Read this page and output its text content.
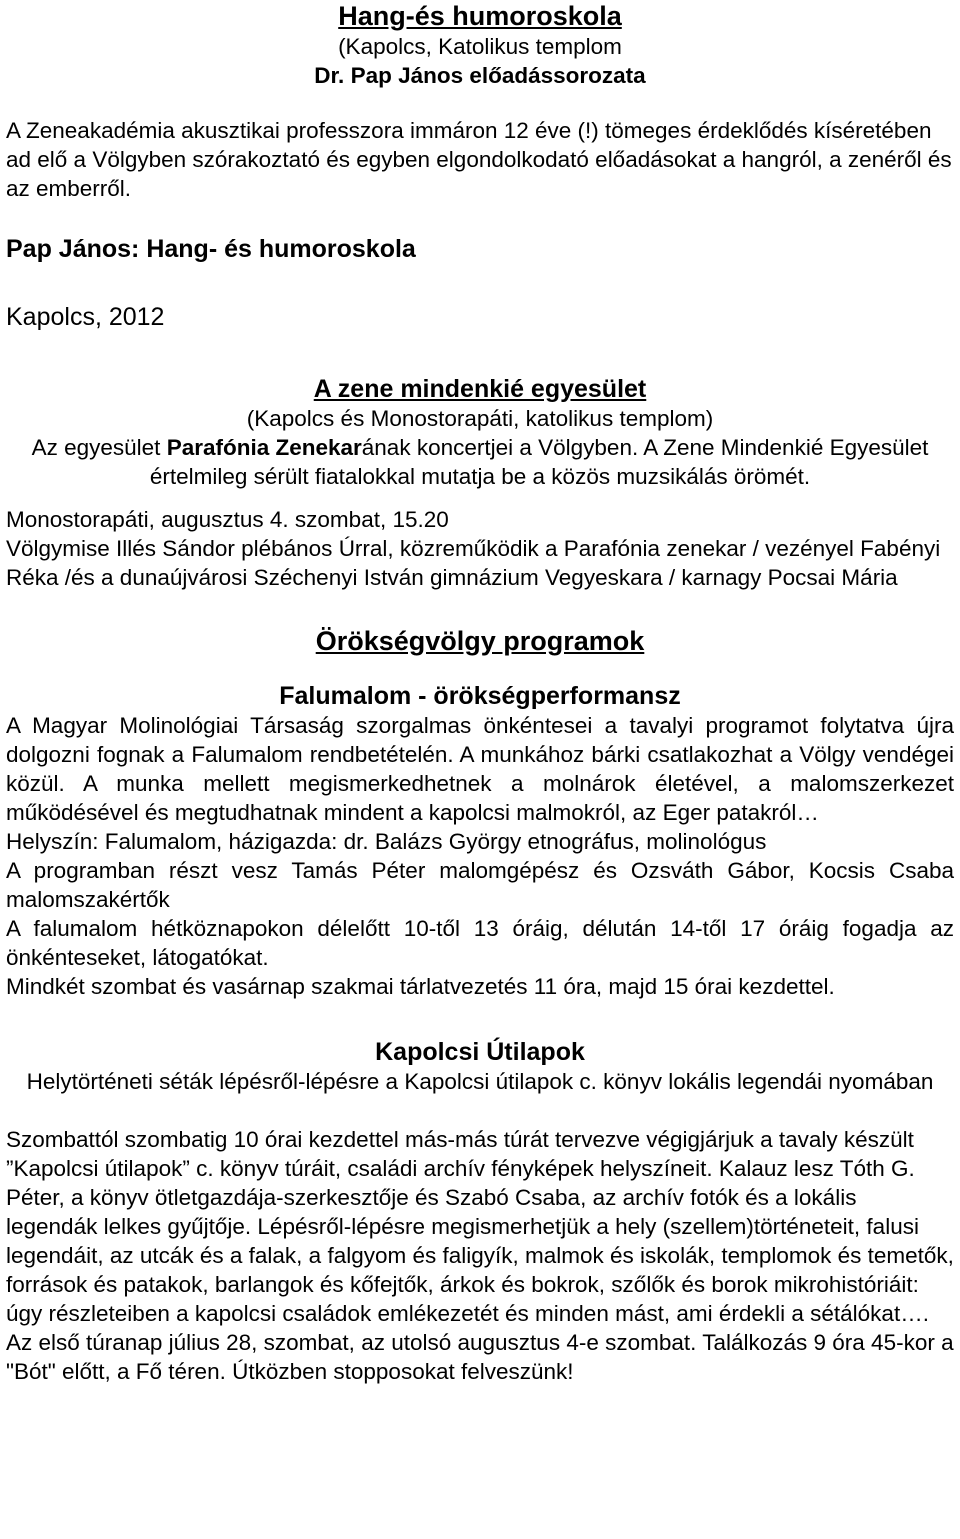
Hang-és humoroskola
(Kapolcs, Katolikus templom
Dr. Pap János előadássorozata

A Zeneakadémia akusztikai professzora immáron 12 éve (!) tömeges érdeklődés kíséretében ad elő a Völgyben szórakoztató és egyben elgondolkodató előadásokat a hangról, a zenéről és az emberről.

Pap János: Hang- és humoroskola
Kapolcs, 2012
A zene mindenkié egyesület
(Kapolcs és Monostorapáti, katolikus templom)

Az egyesület Parafónia Zenekarának koncertjei a Völgyben. A Zene Mindenkié Egyesület értelmileg sérült fiatalokkal mutatja be a közös muzsikálás örömét.

Monostorapáti, augusztus 4. szombat, 15.20

Völgymise Illés Sándor plébános Úrral, közreműködik a Parafónia zenekar / vezényel Fabényi Réka /és a dunaújvárosi Széchenyi István gimnázium Vegyeskara / karnagy Pocsai Mária

Örökségvölgy programok
Falumalom - örökségperformansz

A Magyar Molinológiai Társaság szorgalmas önkéntesei a tavalyi programot folytatva újra dolgozni fognak a Falumalom rendbetételén. A munkához bárki csatlakozhat a Völgy vendégei közül. A munka mellett megismerkedhetnek a molnárok életével, a malomszerkezet működésével és megtudhatnak mindent a kapolcsi malmokról, az Eger patakról…

Helyszín: Falumalom, házigazda: dr. Balázs György etnográfus, molinológus

A programban részt vesz Tamás Péter malomgépész és Ozsváth Gábor, Kocsis Csaba malomszakértők

A falumalom hétköznapokon délelőtt 10-től 13 óráig, délután 14-től 17 óráig fogadja az önkénteseket, látogatókat.

Mindkét szombat és vasárnap szakmai tárlatvezetés 11 óra, majd 15 órai kezdettel.

Kapolcsi Útilapok
Helytörténeti séták lépésről-lépésre a Kapolcsi útilapok c. könyv lokális legendái nyomában

Szombattól szombatig 10 órai kezdettel más-más túrát tervezve végigjárjuk a tavaly készült ”Kapolcsi útilapok” c. könyv túráit, családi archív fényképek helyszíneit. Kalauz lesz Tóth G. Péter, a könyv ötletgazdája-szerkesztője és Szabó Csaba, az archív fotók és a lokális legendák lelkes gyűjtője. Lépésről-lépésre megismerhetjük a hely (szellem)történeteit, falusi legendáit, az utcák és a falak, a falgyom és faligyík, malmok és iskolák, templomok és temetők, források és patakok, barlangok és kőfejtők, árkok és bokrok, szőlők és borok mikrohistóriáit: úgy részleteiben a kapolcsi családok emlékezetét és minden mást, ami érdekli a sétálókat…. Az első túranap július 28, szombat, az utolsó augusztus 4-e szombat. Találkozás 9 óra 45-kor a "Bót" előtt, a Fő téren. Útközben stopposokat felveszünk!
